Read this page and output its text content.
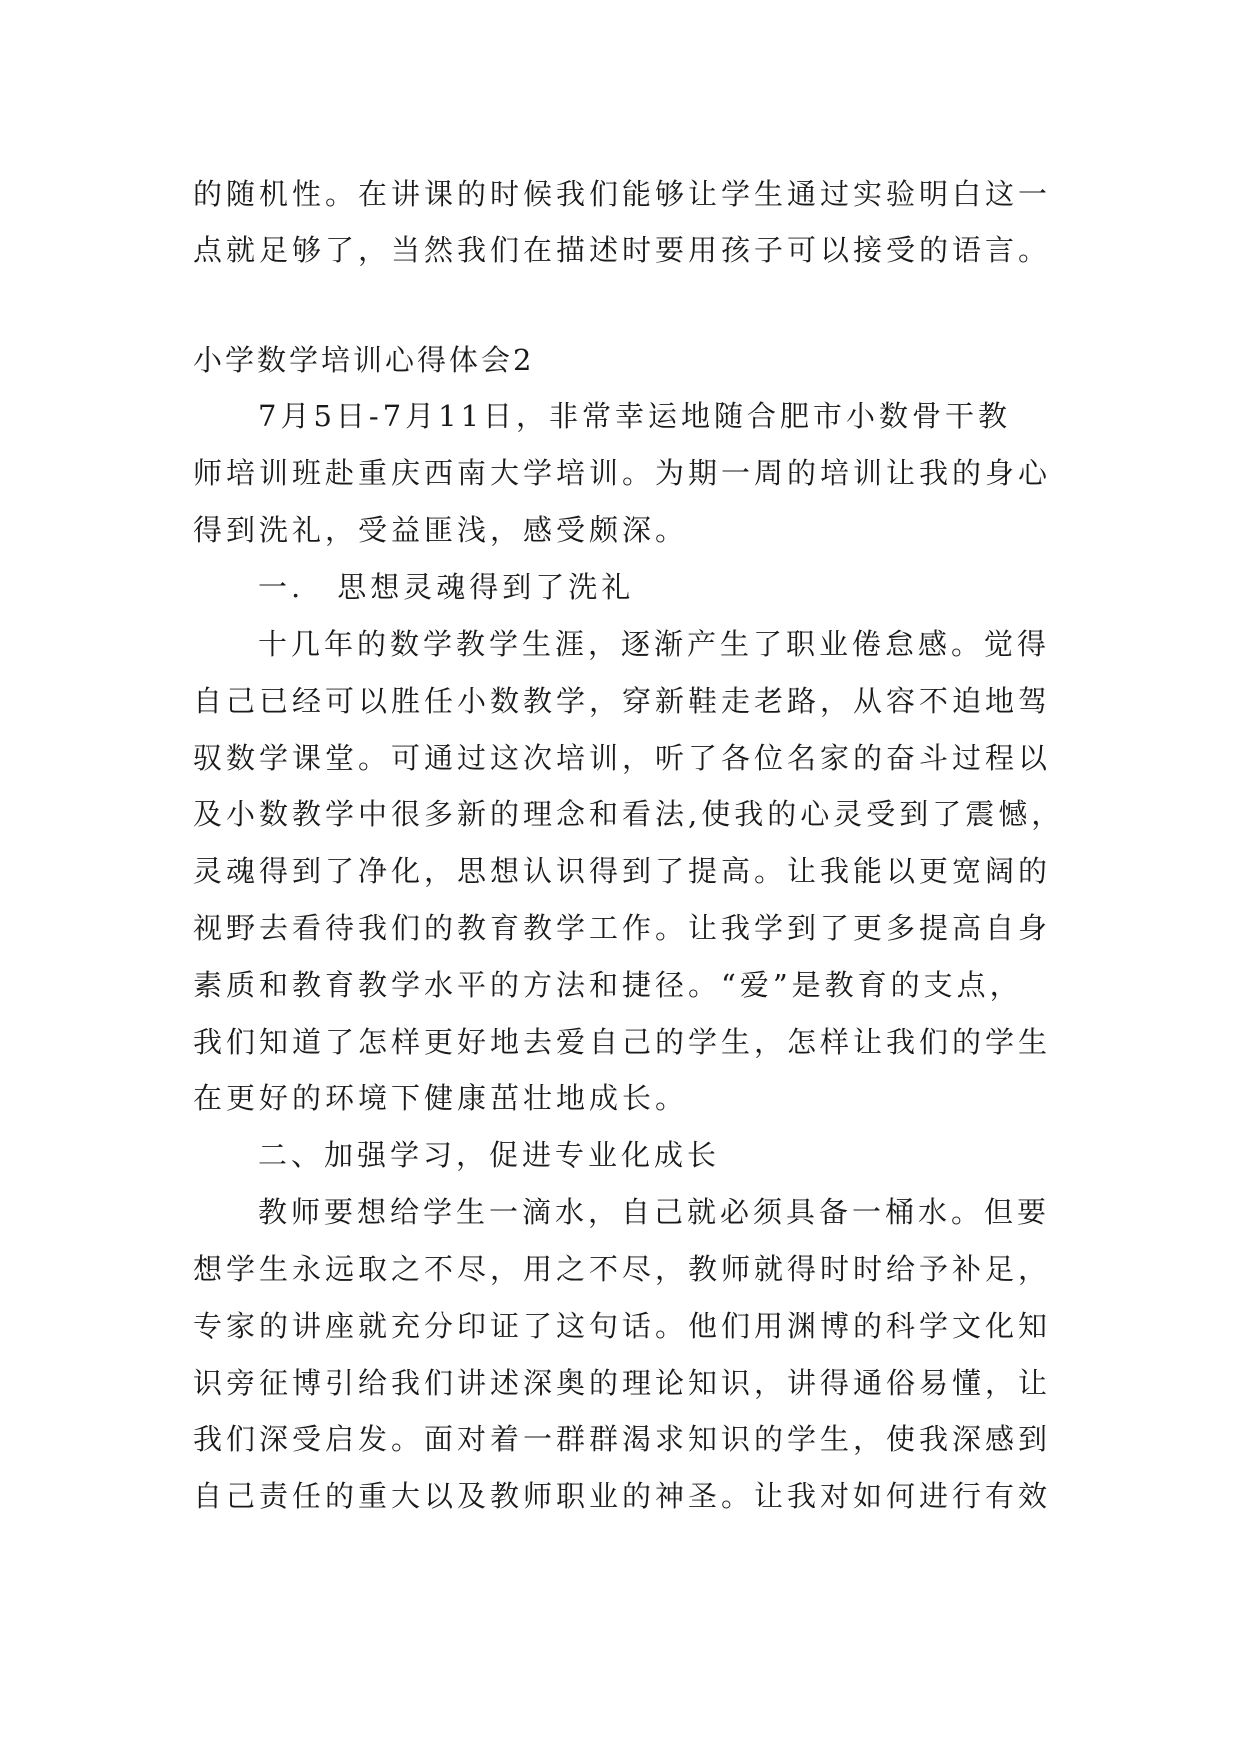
的随机性。在讲课的时候我们能够让学生通过实验明白这一
点就足够了，当然我们在描述时要用孩子可以接受的语言。
小学数学培训心得体会2
7月5日-7月11日，非常幸运地随合肥市小数骨干教
师培训班赴重庆西南大学培训。为期一周的培训让我的身心
得到洗礼，受益匪浅，感受颇深。
一.　思想灵魂得到了洗礼
十几年的数学教学生涯，逐渐产生了职业倦怠感。觉得
自己已经可以胜任小数教学，穿新鞋走老路，从容不迫地驾
驭数学课堂。可通过这次培训，听了各位名家的奋斗过程以
及小数教学中很多新的理念和看法,使我的心灵受到了震憾，
灵魂得到了净化，思想认识得到了提高。让我能以更宽阔的
视野去看待我们的教育教学工作。让我学到了更多提高自身
素质和教育教学水平的方法和捷径。“爱”是教育的支点，
我们知道了怎样更好地去爱自己的学生，怎样让我们的学生
在更好的环境下健康茁壮地成长。
二、加强学习，促进专业化成长
教师要想给学生一滴水，自己就必须具备一桶水。但要
想学生永远取之不尽，用之不尽，教师就得时时给予补足，
专家的讲座就充分印证了这句话。他们用渊博的科学文化知
识旁征博引给我们讲述深奥的理论知识，讲得通俗易懂，让
我们深受启发。面对着一群群渴求知识的学生，使我深感到
自己责任的重大以及教师职业的神圣。让我对如何进行有效
